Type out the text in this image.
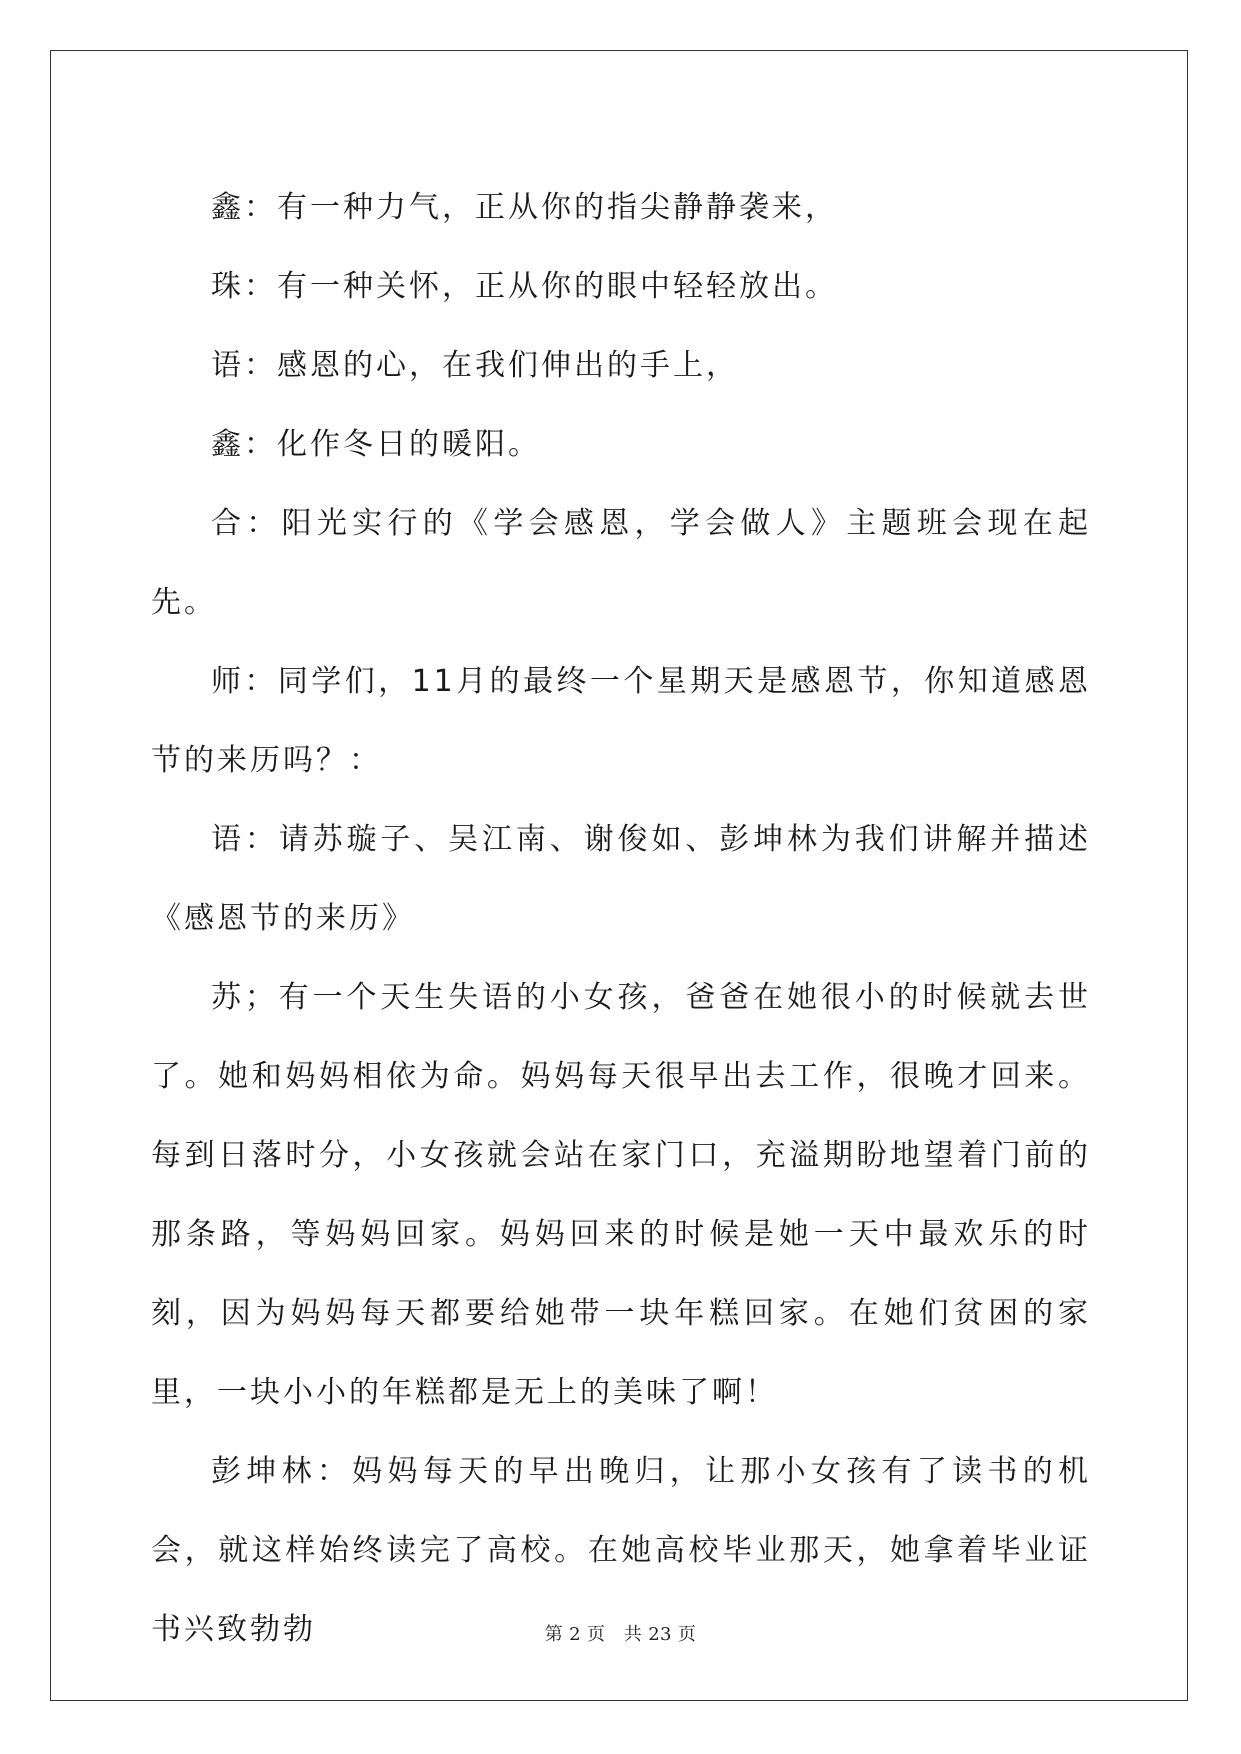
鑫：有一种力气，正从你的指尖静静袭来，

珠：有一种关怀，正从你的眼中轻轻放出。

语：感恩的心，在我们伸出的手上，

鑫：化作冬日的暖阳。

合：阳光实行的《学会感恩，学会做人》主题班会现在起先。

师：同学们，11月的最终一个星期天是感恩节，你知道感恩节的来历吗？：

语：请苏璇子、吴江南、谢俊如、彭坤林为我们讲解并描述《感恩节的来历》

苏；有一个天生失语的小女孩，爸爸在她很小的时候就去世了。她和妈妈相依为命。妈妈每天很早出去工作，很晚才回来。每到日落时分，小女孩就会站在家门口，充溢期盼地望着门前的那条路，等妈妈回家。妈妈回来的时候是她一天中最欢乐的时刻，因为妈妈每天都要给她带一块年糕回家。在她们贫困的家里，一块小小的年糕都是无上的美味了啊！

彭坤林：妈妈每天的早出晚归，让那小女孩有了读书的机会，就这样始终读完了高校。在她高校毕业那天，她拿着毕业证书兴致勃勃	第 2 页　共 23 页
